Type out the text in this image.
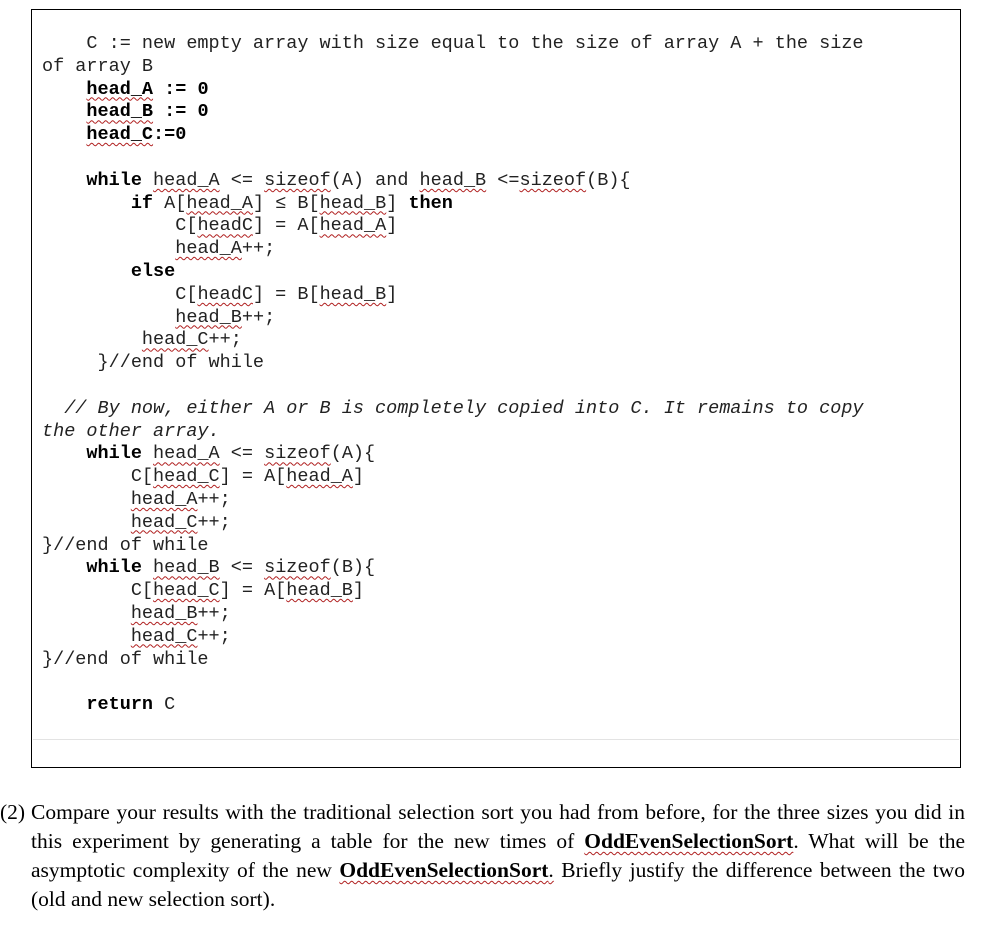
C := new empty array with size equal to the size of array A + the size
of array B
head_A := 0
head_B := 0
head_C:=0
while head_A <= sizeof(A) and head_B <=sizeof(B){
if A[head_A] ≤ B[head_B] then
C[headC] = A[head_A]
head_A++;
else
C[headC] = B[head_B]
head_B++;
head_C++;
}//end of while
// By now, either A or B is completely copied into C. It remains to copy
the other array.
while head_A <= sizeof(A){
C[head_C] = A[head_A]
head_A++;
head_C++;
}//end of while
while head_B <= sizeof(B){
C[head_C] = A[head_B]
head_B++;
head_C++;
}//end of while
return C
(2) Compare your results with the traditional selection sort you had from before, for the three sizes you did in this experiment by generating a table for the new times of OddEvenSelectionSort. What will be the asymptotic complexity of the new OddEvenSelectionSort. Briefly justify the difference between the two (old and new selection sort).
